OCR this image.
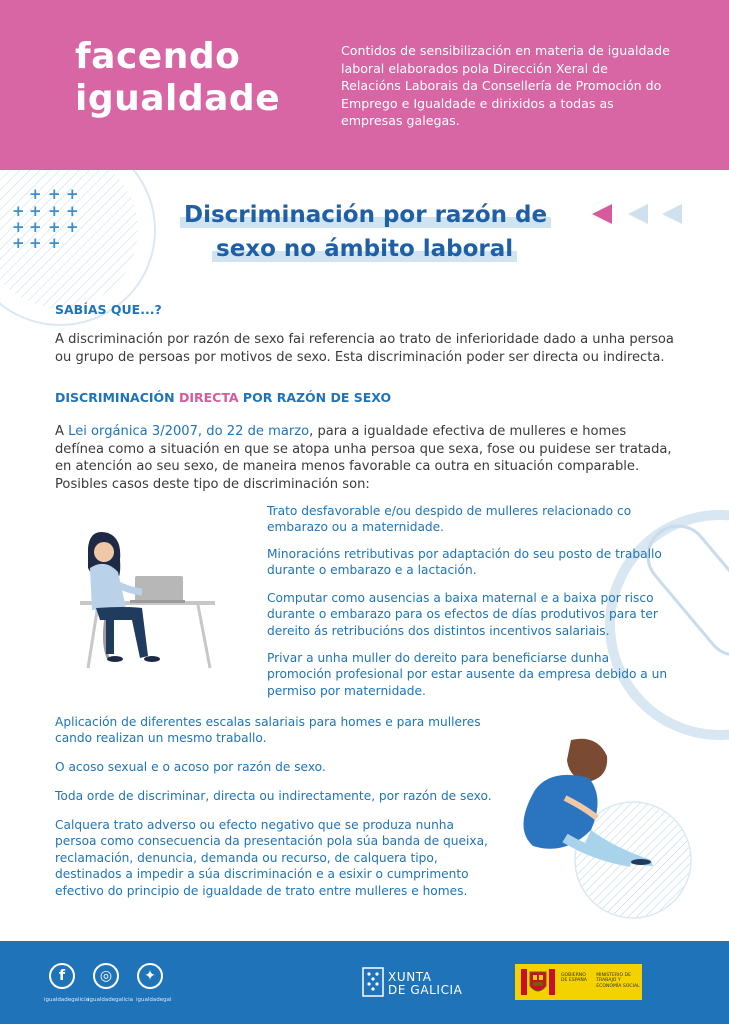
facendo
igualdade
Contidos de sensibilización en materia de igualdade laboral elaborados pola Dirección Xeral de Relacións Laborais da Consellería de Promoción do Emprego e Igualdade e dirixidos a todas as empresas galegas.
+ + +
+ + + +
+ + + +
+ + +
Discriminación por razón de
sexo no ámbito laboral
SABÍAS QUE...?
A discriminación por razón de sexo fai referencia ao trato de inferioridade dado a unha persoa ou grupo de persoas por motivos de sexo. Esta discriminación poder ser directa ou indirecta.
DISCRIMINACIÓN DIRECTA POR RAZÓN DE SEXO
A Lei orgánica 3/2007, do 22 de marzo, para a igualdade efectiva de mulleres e homes defínea como a situación en que se atopa unha persoa que sexa, fose ou puidese ser tratada, en atención ao seu sexo, de maneira menos favorable ca outra en situación comparable. Posibles casos deste tipo de discriminación son:
Trato desfavorable e/ou despido de mulleres relacionado co embarazo ou a maternidade.
Minoracións retributivas por adaptación do seu posto de traballo durante o embarazo e a lactación.
Computar como ausencias a baixa maternal e a baixa por risco durante o embarazo para os efectos de días produtivos para ter dereito ás retribucións dos distintos incentivos salariais.
Privar a unha muller do dereito para beneficiarse dunha promoción profesional por estar ausente da empresa debido a un permiso por maternidade.
Aplicación de diferentes escalas salariais para homes e para mulleres cando realizan un mesmo traballo.
O acoso sexual e o acoso por razón de sexo.
Toda orde de discriminar, directa ou indirectamente, por razón de sexo.
Calquera trato adverso ou efecto negativo que se produza nunha persoa como consecuencia da presentación pola súa banda de queixa, reclamación, denuncia, demanda ou recurso, de calquera tipo, destinados a impedir a súa discriminación e a esixir o cumprimento efectivo do principio de igualdade de trato entre mulleres e homes.
f	◎	✦
igualdadegalicia igualdadegalicia igualdadegal
XUNTA
DE GALICIA
GOBIERNO DE ESPAÑA
MINISTERIO DE TRABAJO Y ECONOMÍA SOCIAL
